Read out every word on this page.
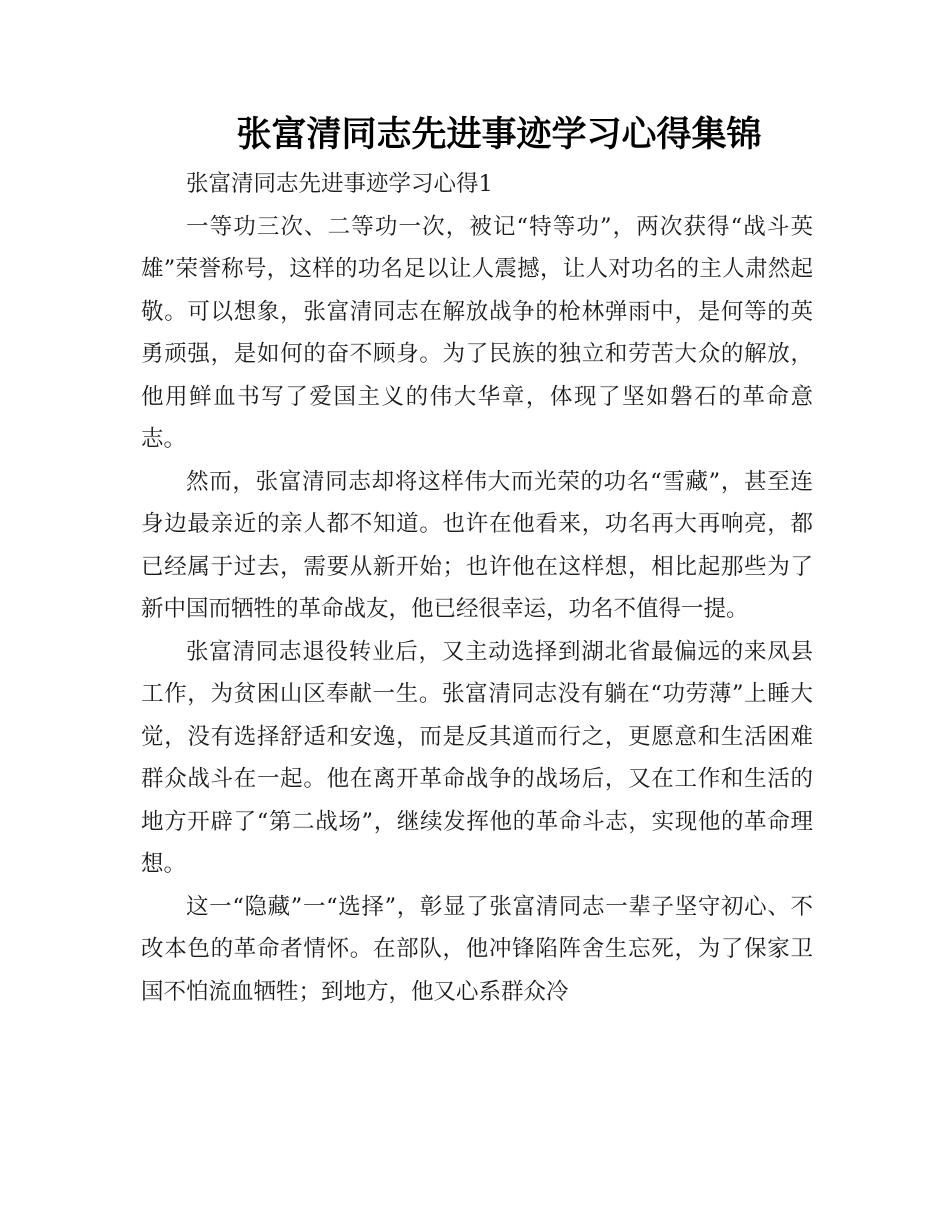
张富清同志先进事迹学习心得集锦

张富清同志先进事迹学习心得1

一等功三次、二等功一次，被记“特等功”，两次获得“战斗英雄”荣誉称号，这样的功名足以让人震撼，让人对功名的主人肃然起敬。可以想象，张富清同志在解放战争的枪林弹雨中，是何等的英勇顽强，是如何的奋不顾身。为了民族的独立和劳苦大众的解放，他用鲜血书写了爱国主义的伟大华章，体现了坚如磐石的革命意志。

然而，张富清同志却将这样伟大而光荣的功名“雪藏”，甚至连身边最亲近的亲人都不知道。也许在他看来，功名再大再响亮，都已经属于过去，需要从新开始；也许他在这样想，相比起那些为了新中国而牺牲的革命战友，他已经很幸运，功名不值得一提。

张富清同志退役转业后，又主动选择到湖北省最偏远的来凤县工作，为贫困山区奉献一生。张富清同志没有躺在“功劳薄”上睡大觉，没有选择舒适和安逸，而是反其道而行之，更愿意和生活困难群众战斗在一起。他在离开革命战争的战场后，又在工作和生活的地方开辟了“第二战场”，继续发挥他的革命斗志，实现他的革命理想。

这一“隐藏”一“选择”，彰显了张富清同志一辈子坚守初心、不改本色的革命者情怀。在部队，他冲锋陷阵舍生忘死，为了保家卫国不怕流血牺牲；到地方，他又心系群众冷
